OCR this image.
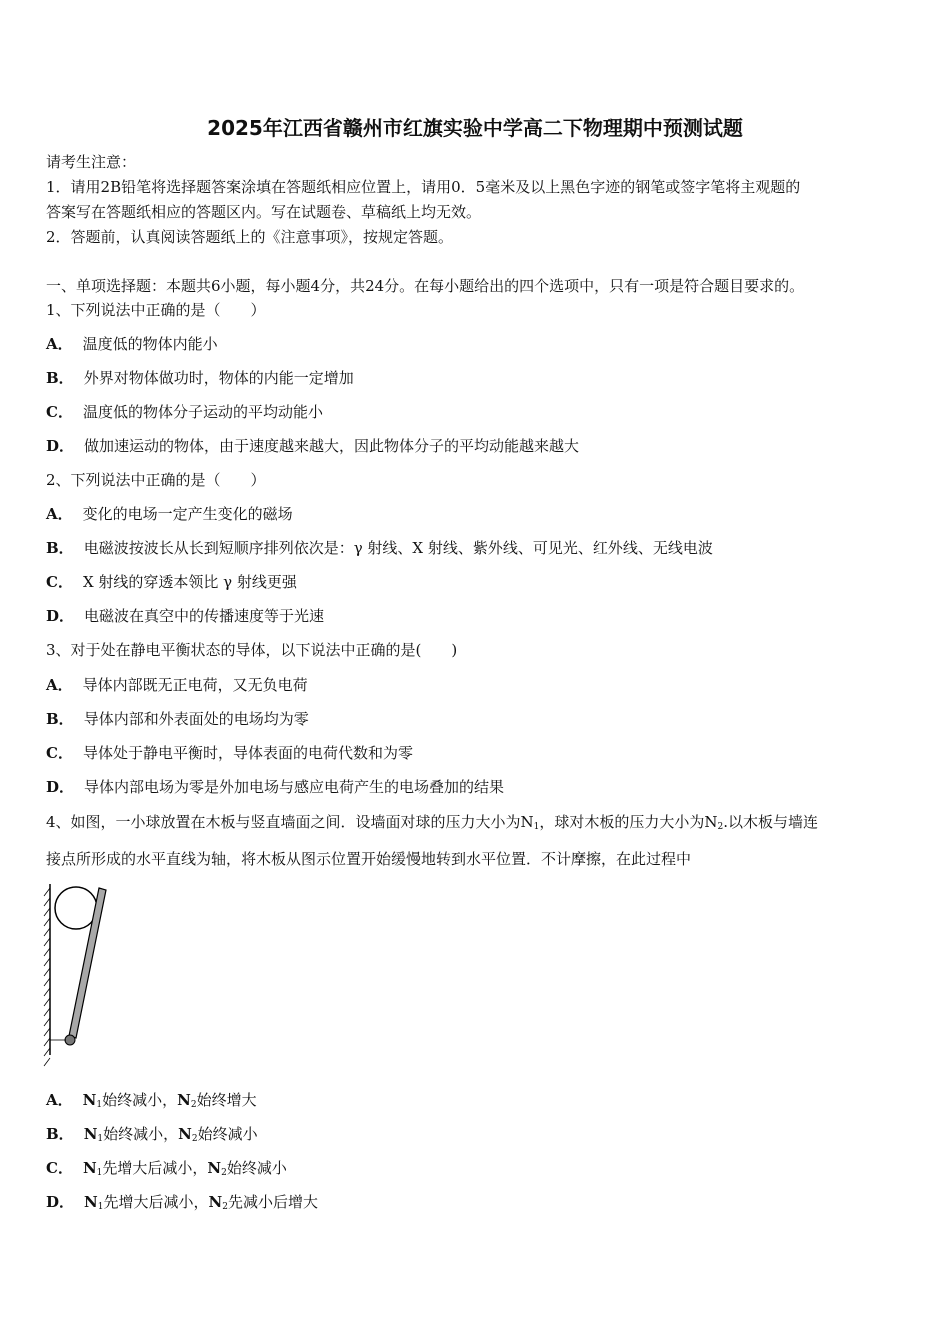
2025年江西省赣州市红旗实验中学高二下物理期中预测试题
请考生注意：
1．请用2B铅笔将选择题答案涂填在答题纸相应位置上，请用0．5毫米及以上黑色字迹的钢笔或签字笔将主观题的
答案写在答题纸相应的答题区内。写在试题卷、草稿纸上均无效。
2．答题前，认真阅读答题纸上的《注意事项》，按规定答题。
一、单项选择题：本题共6小题，每小题4分，共24分。在每小题给出的四个选项中，只有一项是符合题目要求的。
1、下列说法中正确的是（　　）
A． 温度低的物体内能小
B． 外界对物体做功时，物体的内能一定增加
C． 温度低的物体分子运动的平均动能小
D． 做加速运动的物体，由于速度越来越大，因此物体分子的平均动能越来越大
2、下列说法中正确的是（　　）
A． 变化的电场一定产生变化的磁场
B． 电磁波按波长从长到短顺序排列依次是：γ 射线、X 射线、紫外线、可见光、红外线、无线电波
C． X 射线的穿透本领比 γ 射线更强
D． 电磁波在真空中的传播速度等于光速
3、对于处在静电平衡状态的导体，以下说法中正确的是(　　)
A． 导体内部既无正电荷，又无负电荷
B． 导体内部和外表面处的电场均为零
C． 导体处于静电平衡时，导体表面的电荷代数和为零
D． 导体内部电场为零是外加电场与感应电荷产生的电场叠加的结果
4、如图，一小球放置在木板与竖直墙面之间．设墙面对球的压力大小为$N_1$，球对木板的压力大小为$N_2$.以木板与墙连
接点所形成的水平直线为轴，将木板从图示位置开始缓慢地转到水平位置．不计摩擦，在此过程中
A． $N_1$始终减小，$N_2$始终增大
B． $N_1$始终减小，$N_2$始终减小
C． $N_1$先增大后减小，$N_2$始终减小
D． $N_1$先增大后减小，$N_2$先减小后增大
